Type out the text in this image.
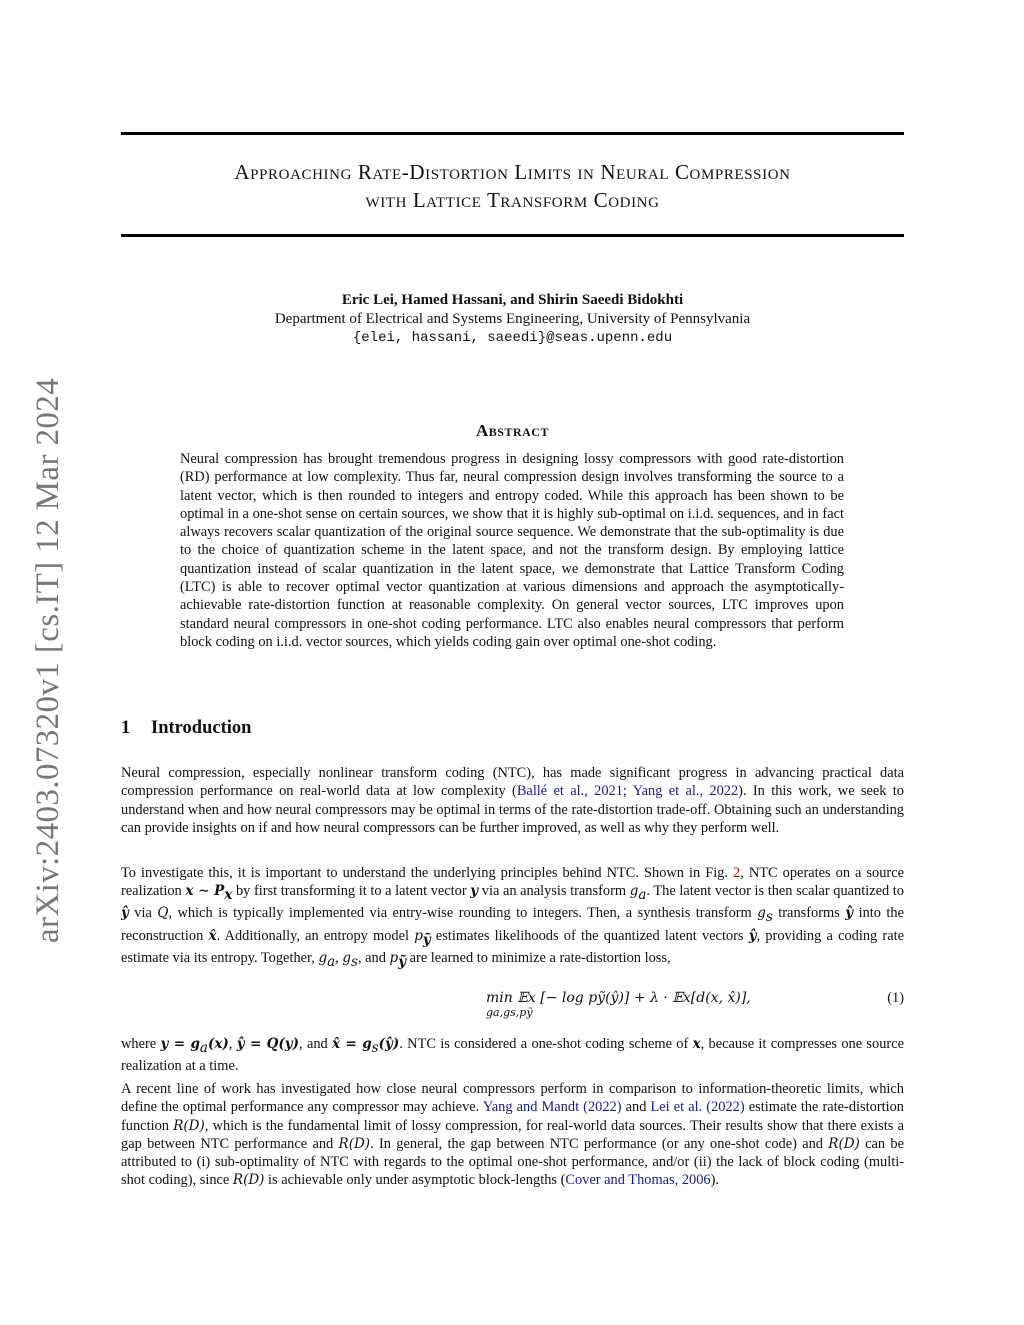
Approaching Rate-Distortion Limits in Neural Compression
with Lattice Transform Coding
Eric Lei, Hamed Hassani, and Shirin Saeedi Bidokhti
Department of Electrical and Systems Engineering, University of Pennsylvania
{elei, hassani, saeedi}@seas.upenn.edu
arXiv:2403.07320v1 [cs.IT] 12 Mar 2024	Abstract
Neural compression has brought tremendous progress in designing lossy compressors with good rate-distortion (RD) performance at low complexity. Thus far, neural compression design involves transforming the source to a latent vector, which is then rounded to integers and entropy coded. While this approach has been shown to be optimal in a one-shot sense on certain sources, we show that it is highly sub-optimal on i.i.d. sequences, and in fact always recovers scalar quantization of the original source sequence. We demonstrate that the sub-optimality is due to the choice of quantization scheme in the latent space, and not the transform design. By employing lattice quantization instead of scalar quantization in the latent space, we demonstrate that Lattice Transform Coding (LTC) is able to recover optimal vector quantization at various dimensions and approach the asymptotically-achievable rate-distortion function at reasonable complexity. On general vector sources, LTC improves upon standard neural compressors in one-shot coding performance. LTC also enables neural compressors that perform block coding on i.i.d. vector sources, which yields coding gain over optimal one-shot coding.
1 Introduction

Neural compression, especially nonlinear transform coding (NTC), has made significant progress in advancing practical data compression performance on real-world data at low complexity (Ballé et al., 2021; Yang et al., 2022). In this work, we seek to understand when and how neural compressors may be optimal in terms of the rate-distortion trade-off. Obtaining such an understanding can provide insights on if and how neural compressors can be further improved, as well as why they perform well.

To investigate this, it is important to understand the underlying principles behind NTC. Shown in Fig. 2, NTC operates on a source realization x ∼ $P_x$ by first transforming it to a latent vector y via an analysis transform $g_a$. The latent vector is then scalar quantized to ŷ via Q, which is typically implemented via entry-wise rounding to integers. Then, a synthesis transform $g_s$ transforms ŷ into the reconstruction x̂. Additionally, an entropy model $p_ỹ$ estimates likelihoods of the quantized latent vectors ŷ, providing a coding rate estimate via its entropy. Together, $g_a$, $g_s$, and $p_ỹ$ are learned to minimize a rate-distortion loss,

min 𝔼x [− log pỹ(ŷ)] + λ · 𝔼x[d(x, x̂)],
ga,gs,pỹ
(1)

where $y = g_a(x)$, ŷ = Q(y), and x̂ = $g_s(ŷ)$. NTC is considered a one-shot coding scheme of x, because it compresses one source realization at a time.

A recent line of work has investigated how close neural compressors perform in comparison to information-theoretic limits, which define the optimal performance any compressor may achieve. Yang and Mandt (2022) and Lei et al. (2022) estimate the rate-distortion function R(D), which is the fundamental limit of lossy compression, for real-world data sources. Their results show that there exists a gap between NTC performance and R(D). In general, the gap between NTC performance (or any one-shot code) and R(D) can be attributed to (i) sub-optimality of NTC with regards to the optimal one-shot performance, and/or (ii) the lack of block coding (multi-shot coding), since R(D) is achievable only under asymptotic block-lengths (Cover and Thomas, 2006).
